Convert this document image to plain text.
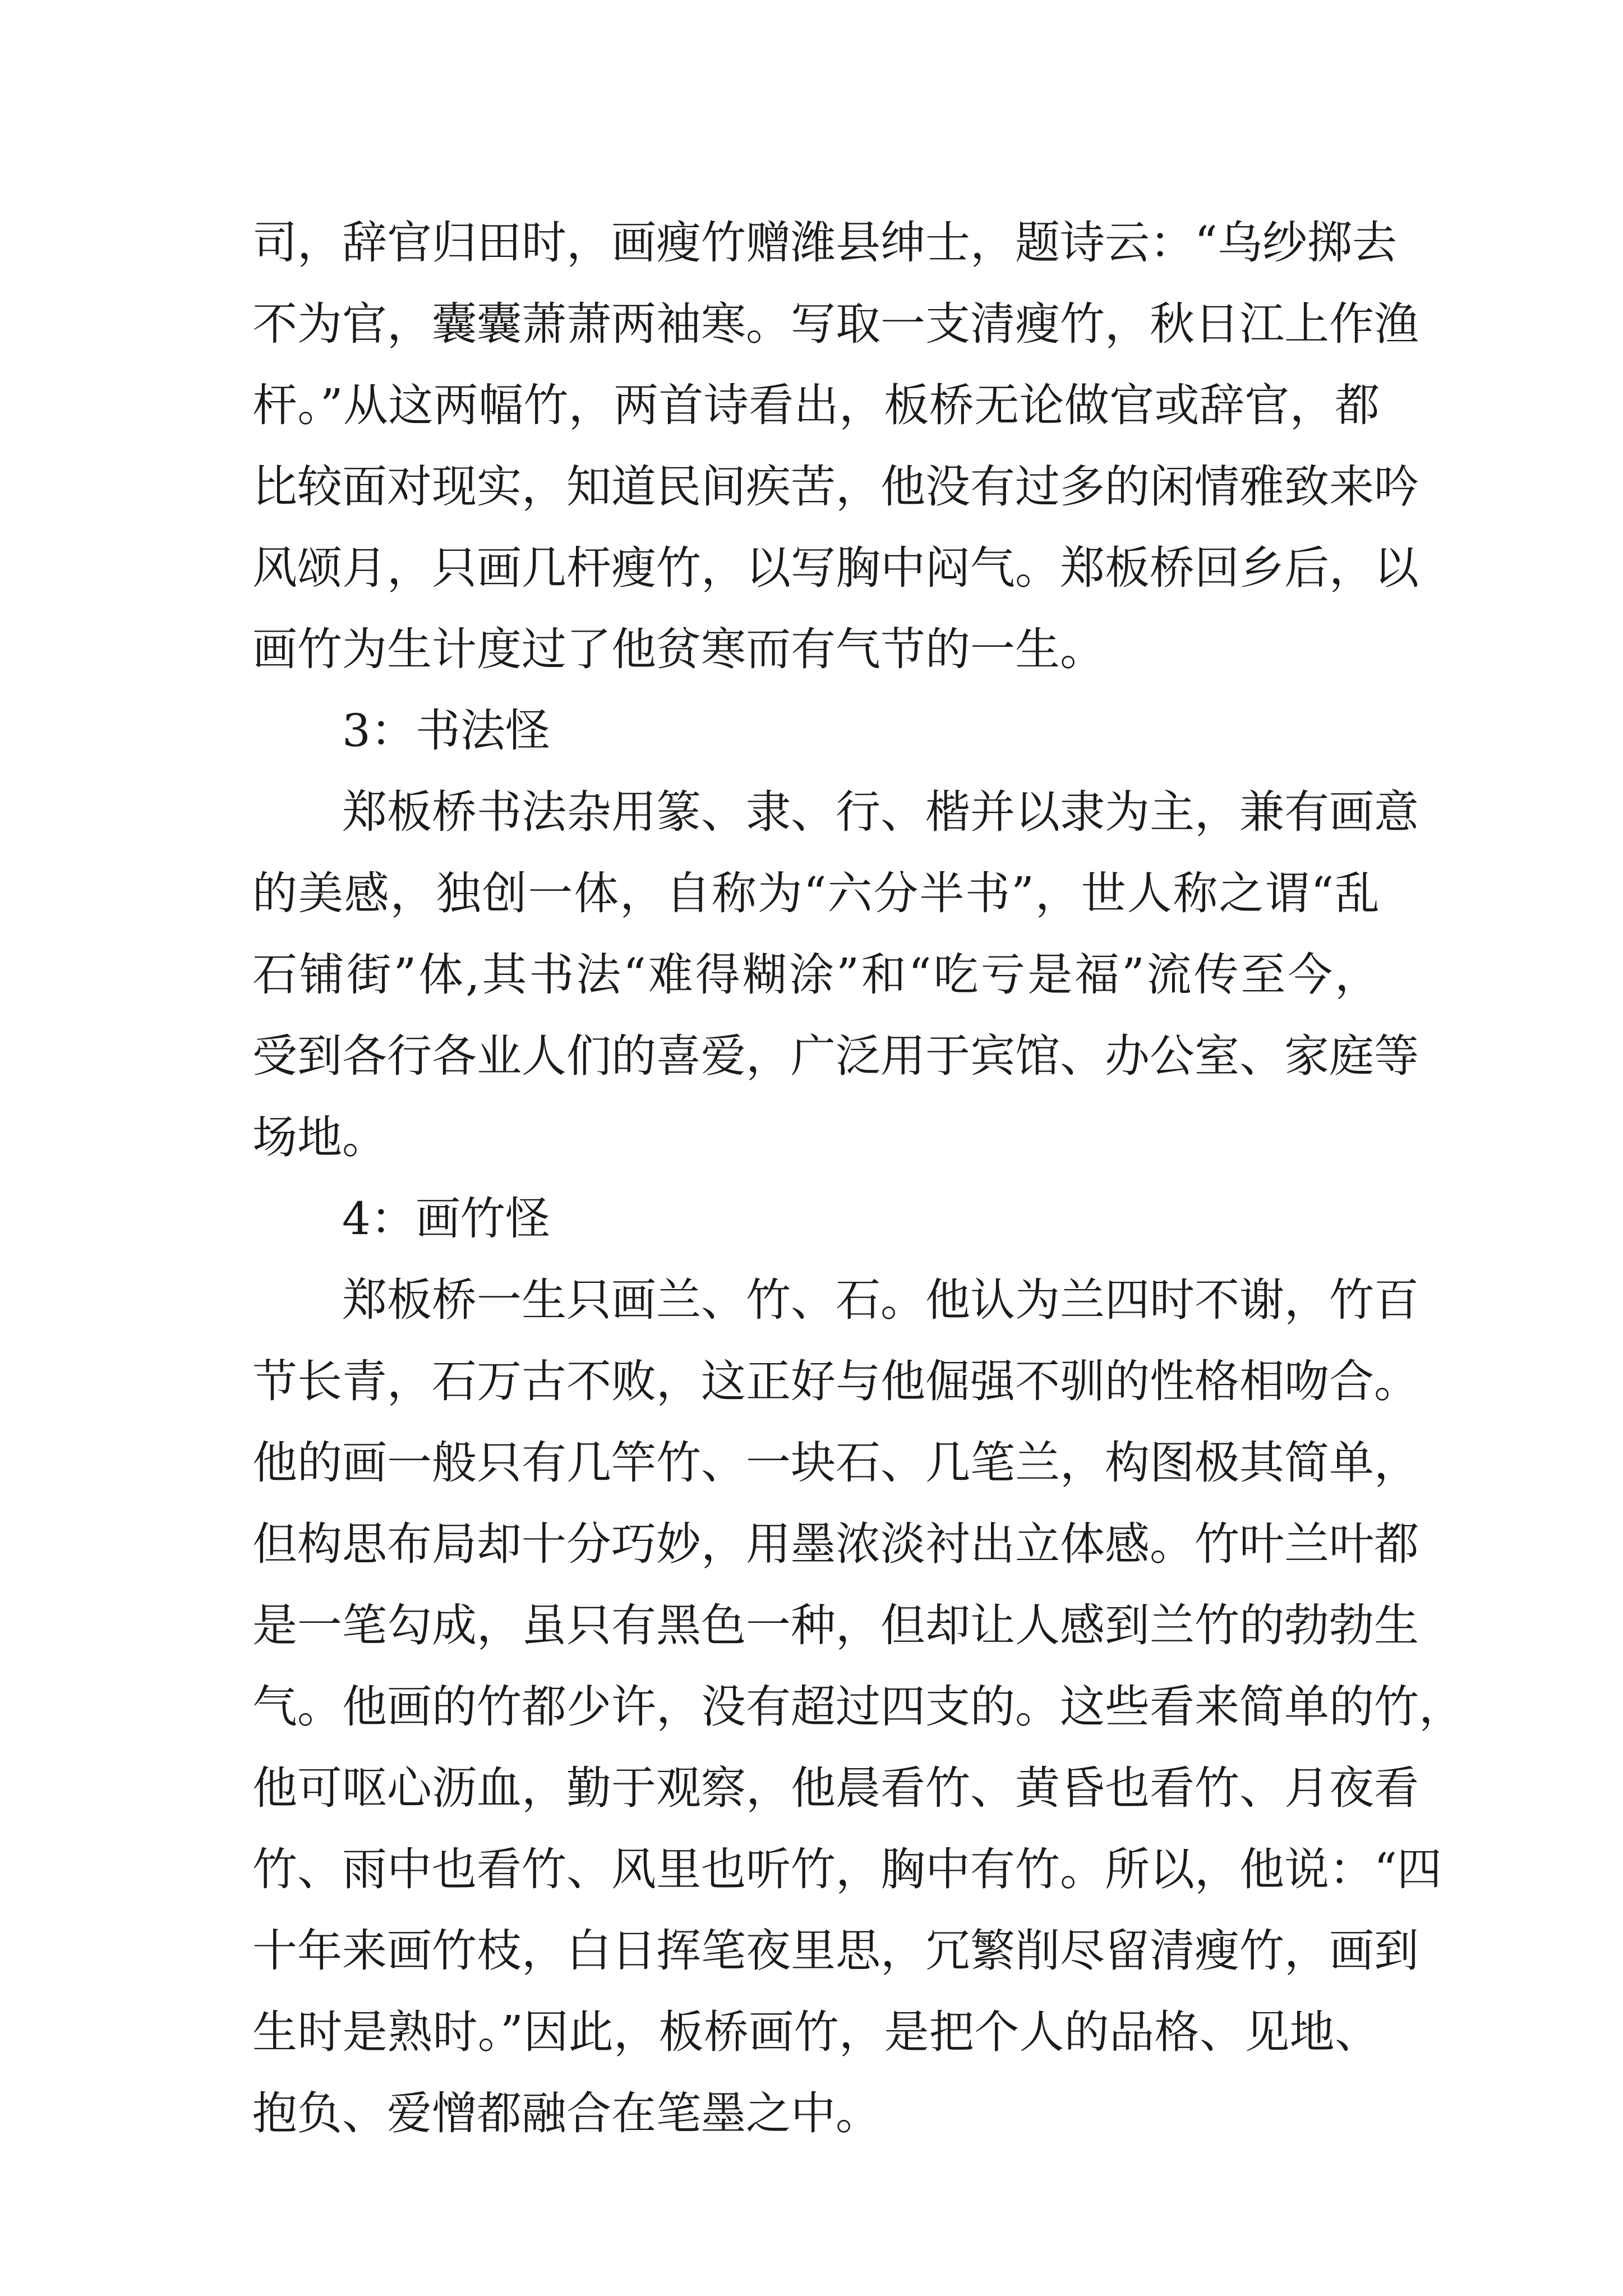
司，辞官归田时，画瘦竹赠潍县绅士，题诗云：“乌纱掷去
不为官，囊囊萧萧两袖寒。写取一支清瘦竹，秋日江上作渔
杆。”从这两幅竹，两首诗看出，板桥无论做官或辞官，都
比较面对现实，知道民间疾苦，他没有过多的闲情雅致来吟
风颂月，只画几杆瘦竹，以写胸中闷气。郑板桥回乡后，以
画竹为生计度过了他贫寒而有气节的一生。
3：书法怪
郑板桥书法杂用篆、隶、行、楷并以隶为主，兼有画意
的美感，独创一体，自称为“六分半书”，世人称之谓“乱
石铺街”体,其书法“难得糊涂”和“吃亏是福”流传至今，
受到各行各业人们的喜爱，广泛用于宾馆、办公室、家庭等
场地。
4：画竹怪
郑板桥一生只画兰、竹、石。他认为兰四时不谢，竹百
节长青，石万古不败，这正好与他倔强不驯的性格相吻合。
他的画一般只有几竿竹、一块石、几笔兰，构图极其简单，
但构思布局却十分巧妙，用墨浓淡衬出立体感。竹叶兰叶都
是一笔勾成，虽只有黑色一种，但却让人感到兰竹的勃勃生
气。他画的竹都少许，没有超过四支的。这些看来简单的竹，
他可呕心沥血，勤于观察，他晨看竹、黄昏也看竹、月夜看
竹、雨中也看竹、风里也听竹，胸中有竹。所以，他说：“四
十年来画竹枝，白日挥笔夜里思，冗繁削尽留清瘦竹，画到
生时是熟时。”因此，板桥画竹，是把个人的品格、见地、
抱负、爱憎都融合在笔墨之中。
